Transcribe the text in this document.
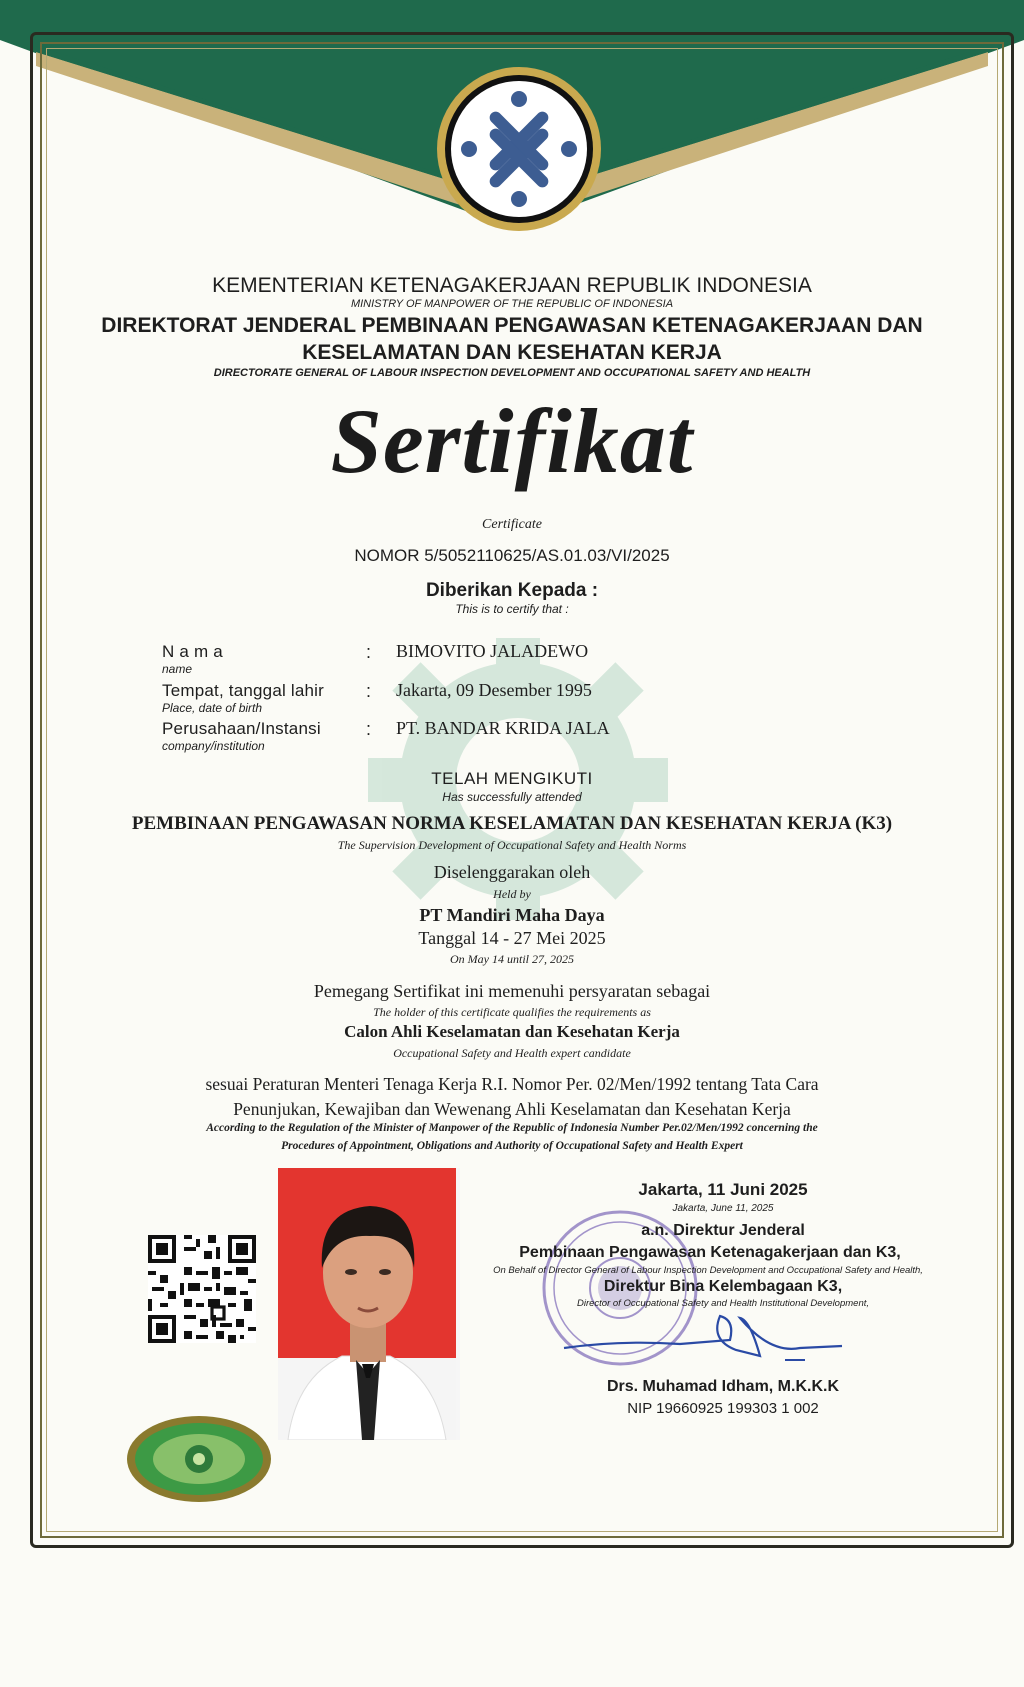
KEMENTERIAN KETENAGAKERJAAN REPUBLIK INDONESIA
MINISTRY OF MANPOWER OF THE REPUBLIC OF INDONESIA
DIREKTORAT JENDERAL PEMBINAAN PENGAWASAN KETENAGAKERJAAN DAN
KESELAMATAN DAN KESEHATAN KERJA
DIRECTORATE GENERAL OF LABOUR INSPECTION DEVELOPMENT AND OCCUPATIONAL SAFETY AND HEALTH
Sertifikat
Certificate
NOMOR 5/5052110625/AS.01.03/VI/2025
Diberikan Kepada :
This is to certify that :
N a m a
name
: BIMOVITO JALADEWO
Tempat, tanggal lahir
Place, date of birth
: Jakarta, 09 Desember 1995
Perusahaan/Instansi
company/institution
: PT. BANDAR KRIDA JALA
TELAH MENGIKUTI
Has successfully attended
PEMBINAAN PENGAWASAN NORMA KESELAMATAN DAN KESEHATAN KERJA (K3)
The Supervision Development of Occupational Safety and Health Norms
Diselenggarakan oleh
Held by
PT Mandiri Maha Daya
Tanggal 14 - 27 Mei 2025
On May 14 until 27, 2025
Pemegang Sertifikat ini memenuhi persyaratan sebagai
The holder of this certificate qualifies the requirements as
Calon Ahli Keselamatan dan Kesehatan Kerja
Occupational Safety and Health expert candidate
sesuai Peraturan Menteri Tenaga Kerja R.I. Nomor Per. 02/Men/1992 tentang Tata Cara
Penunjukan, Kewajiban dan Wewenang Ahli Keselamatan dan Kesehatan Kerja
According to the Regulation of the Minister of Manpower of the Republic of Indonesia Number Per.02/Men/1992 concerning the
Procedures of Appointment, Obligations and Authority of Occupational Safety and Health Expert
Jakarta, 11 Juni 2025
Jakarta, June 11, 2025
a.n. Direktur Jenderal
Pembinaan Pengawasan Ketenagakerjaan dan K3,
On Behalf of Director General of Labour Inspection Development and Occupational Safety and Health,
Direktur Bina Kelembagaan K3,
Director of Occupational Safety and Health Institutional Development,
Drs. Muhamad Idham, M.K.K.K
NIP 19660925 199303 1 002
